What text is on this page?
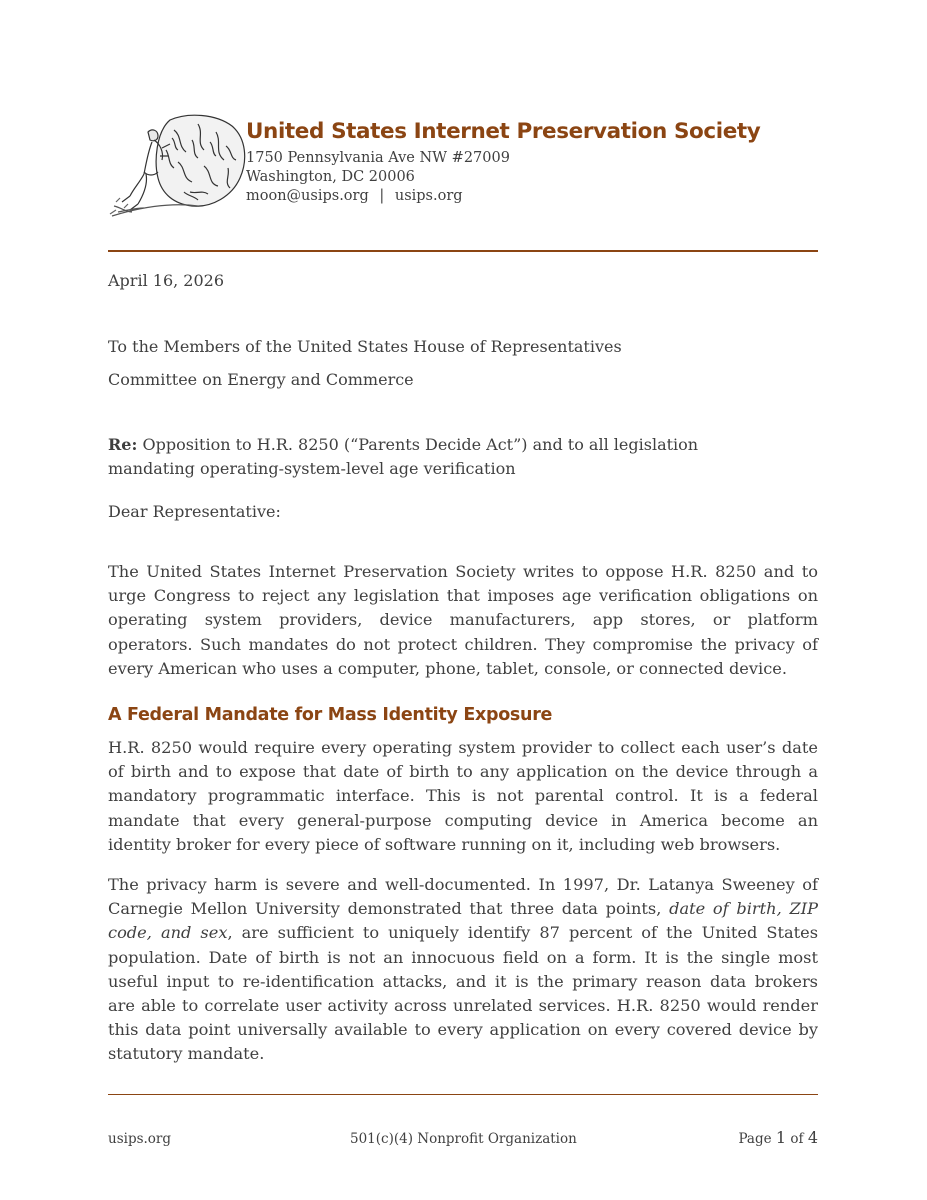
United States Internet Preservation Society
1750 Pennsylvania Ave NW #27009
Washington, DC 20006
moon@usips.org | usips.org
April 16, 2026
To the Members of the United States House of Representatives
Committee on Energy and Commerce
Re: Opposition to H.R. 8250 (“Parents Decide Act”) and to all legislation
mandating operating-system-level age verification
Dear Representative:
The United States Internet Preservation Society writes to oppose H.R. 8250 and to
urge Congress to reject any legislation that imposes age verification obligations on
operating system providers, device manufacturers, app stores, or platform
operators. Such mandates do not protect children. They compromise the privacy of
every American who uses a computer, phone, tablet, console, or connected device.
A Federal Mandate for Mass Identity Exposure
H.R. 8250 would require every operating system provider to collect each user’s date
of birth and to expose that date of birth to any application on the device through a
mandatory programmatic interface. This is not parental control. It is a federal
mandate that every general-purpose computing device in America become an
identity broker for every piece of software running on it, including web browsers.
The privacy harm is severe and well-documented. In 1997, Dr. Latanya Sweeney of
Carnegie Mellon University demonstrated that three data points, date of birth, ZIP
code, and sex, are sufficient to uniquely identify 87 percent of the United States
population. Date of birth is not an innocuous field on a form. It is the single most
useful input to re-identification attacks, and it is the primary reason data brokers
are able to correlate user activity across unrelated services. H.R. 8250 would render
this data point universally available to every application on every covered device by
statutory mandate.
usips.org	501(c)(4) Nonprofit Organization	Page 1 of 4
